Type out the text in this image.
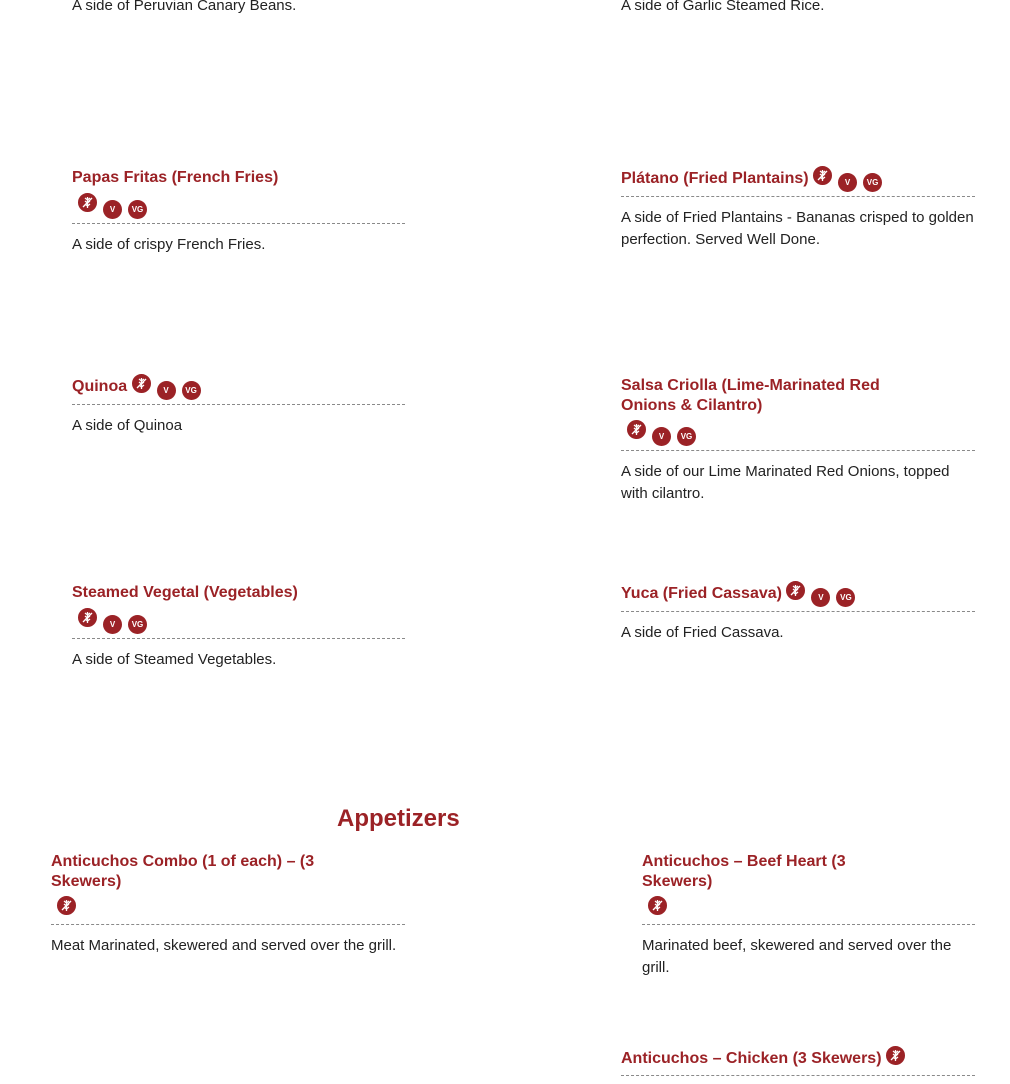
A side of Peruvian Canary Beans.	A side of Garlic Steamed Rice.
Papas Fritas (French Fries)
V VG
A side of crispy French Fries.
Plátano (Fried Plantains)	V VG
A side of Fried Plantains - Bananas crisped to golden perfection. Served Well Done.
Quinoa	V VG
A side of Quinoa
Salsa Criolla (Lime-Marinated Red Onions & Cilantro)
V VG
A side of our Lime Marinated Red Onions, topped with cilantro.
Steamed Vegetal (Vegetables)
V VG
A side of Steamed Vegetables.
Yuca (Fried Cassava)	V VG
A side of Fried Cassava.
Appetizers
Anticuchos Combo (1 of each) – (3 Skewers)
Meat Marinated, skewered and served over the grill.
Anticuchos – Beef Heart (3 Skewers)
Marinated beef, skewered and served over the grill.
Anticuchos – Chicken (3 Skewers)
